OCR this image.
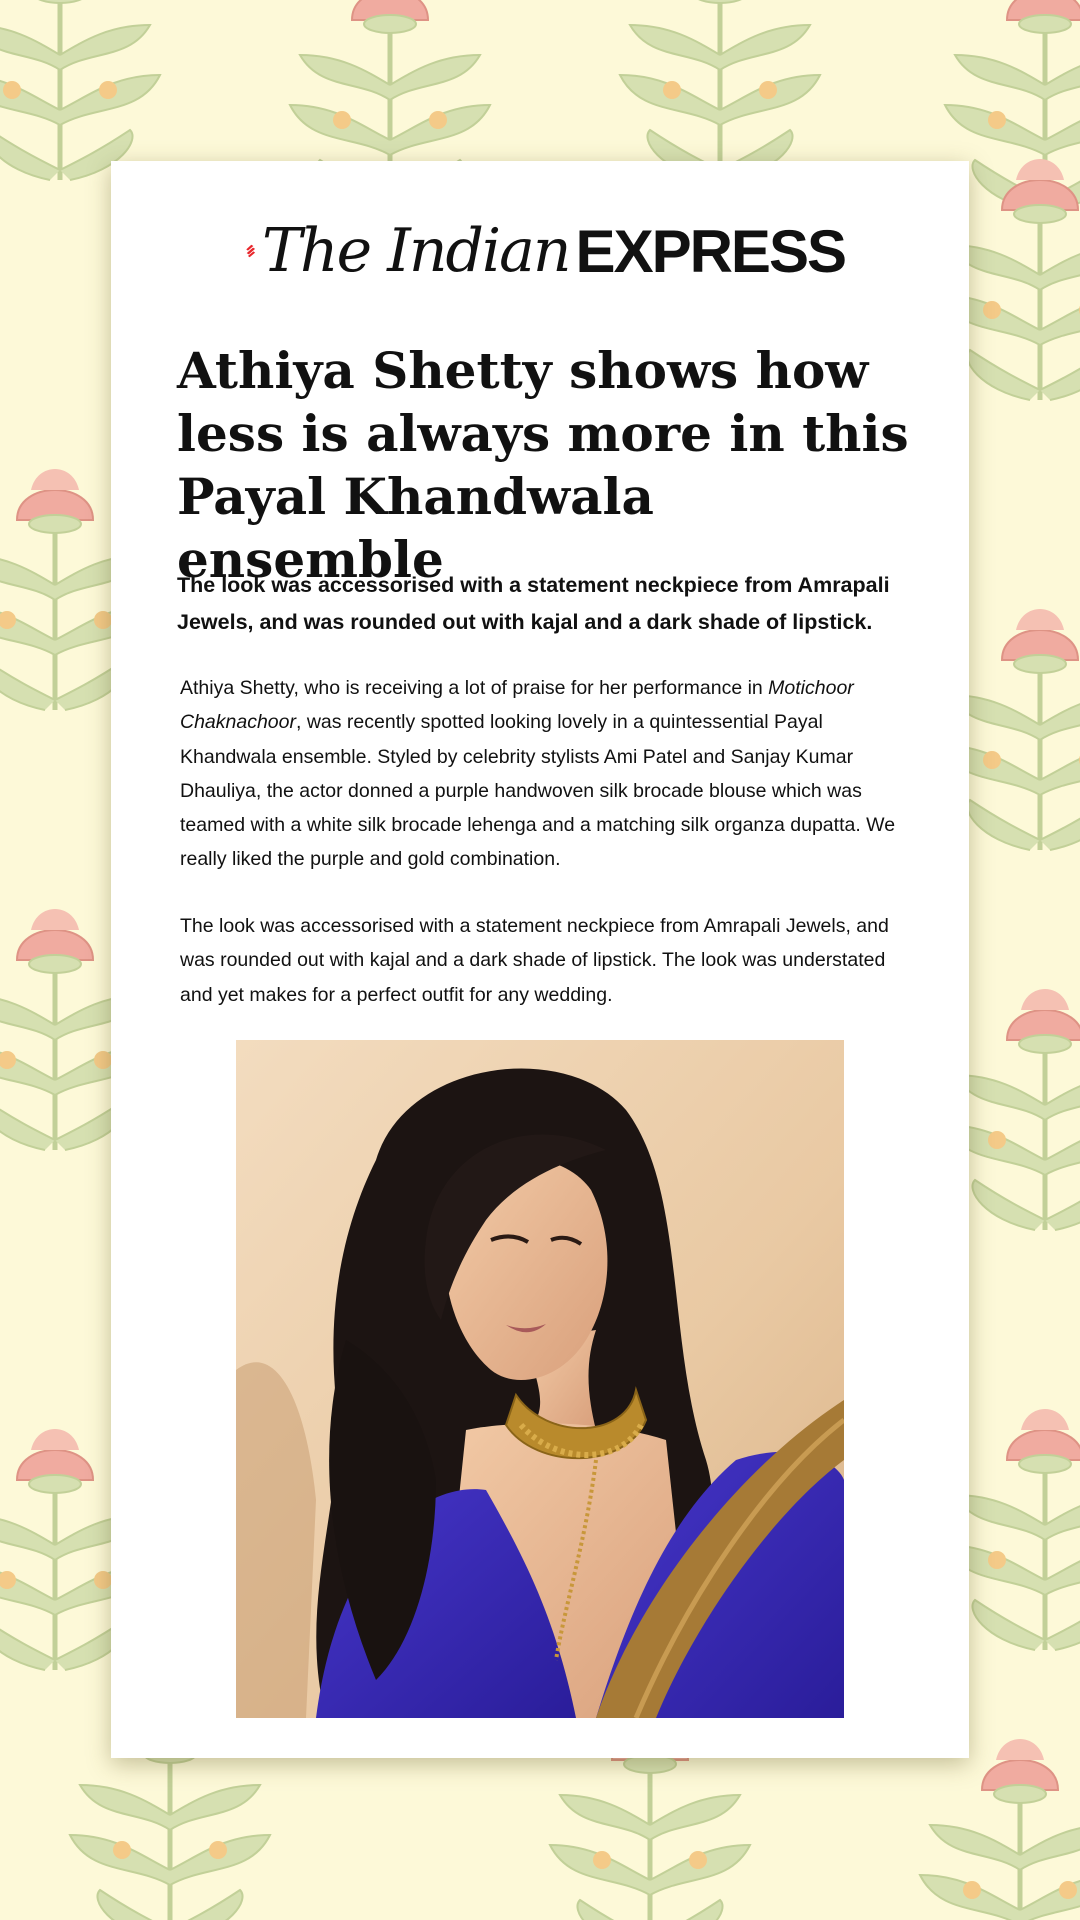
The Indian EXPRESS
Athiya Shetty shows how less is always more in this Payal Khandwala ensemble

The look was accessorised with a statement neckpiece from Amrapali Jewels, and was rounded out with kajal and a dark shade of lipstick.

Athiya Shetty, who is receiving a lot of praise for her performance in Motichoor Chaknachoor, was recently spotted looking lovely in a quintessential Payal Khandwala ensemble. Styled by celebrity stylists Ami Patel and Sanjay Kumar Dhauliya, the actor donned a purple handwoven silk brocade blouse which was teamed with a white silk brocade lehenga and a matching silk organza dupatta. We really liked the purple and gold combination.

The look was accessorised with a statement neckpiece from Amrapali Jewels, and was rounded out with kajal and a dark shade of lipstick. The look was understated and yet makes for a perfect outfit for any wedding.
